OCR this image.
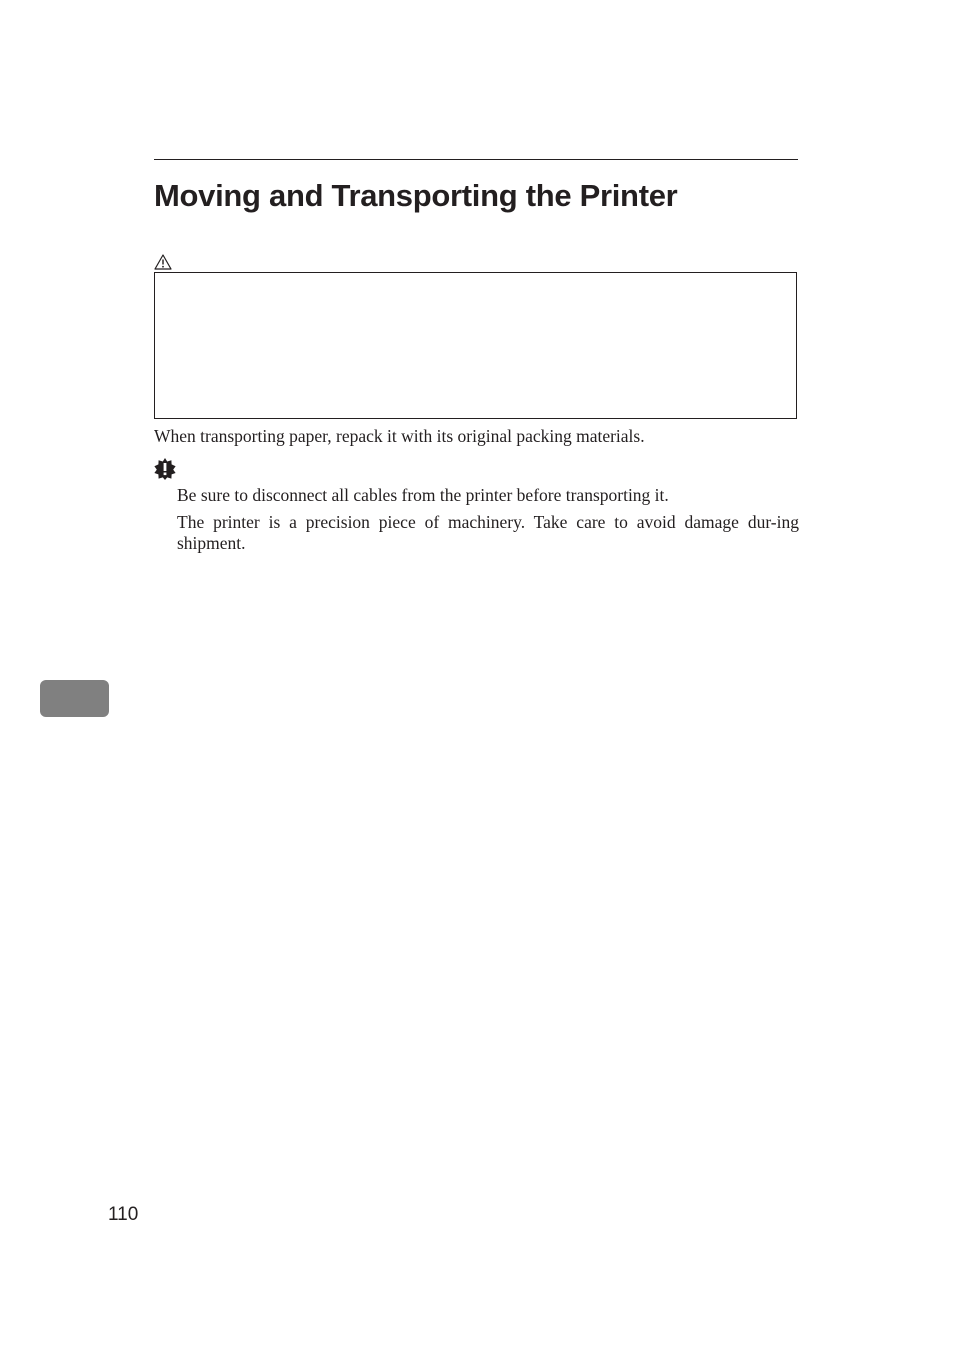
Moving and Transporting the Printer
When transporting paper, repack it with its original packing materials.
Be sure to disconnect all cables from the printer before transporting it.
The printer is a precision piece of machinery. Take care to avoid damage dur-ing shipment.
110
